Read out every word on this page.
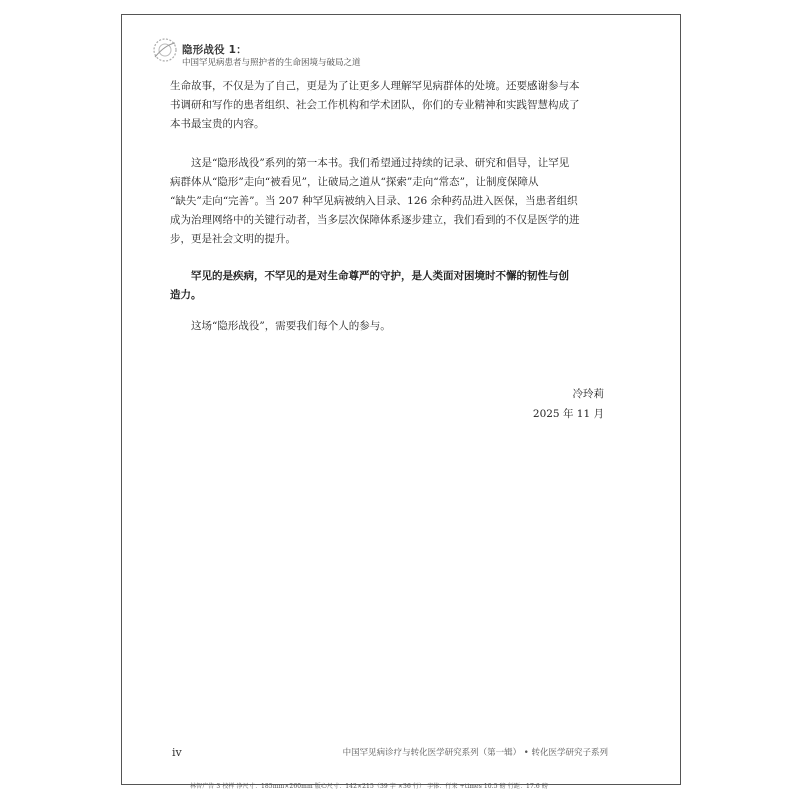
隐形战役 1：
中国罕见病患者与照护者的生命困境与破局之道
生命故事，不仅是为了自己，更是为了让更多人理解罕见病群体的处境。还要感谢参与本
书调研和写作的患者组织、社会工作机构和学术团队，你们的专业精神和实践智慧构成了
本书最宝贵的内容。
这是“隐形战役”系列的第一本书。我们希望通过持续的记录、研究和倡导，让罕见
病群体从“隐形”走向“被看见”，让破局之道从“探索”走向“常态”，让制度保障从
“缺失”走向“完善”。当 207 种罕见病被纳入目录、126 余种药品进入医保，当患者组织
成为治理网络中的关键行动者，当多层次保障体系逐步建立，我们看到的不仅是医学的进
步，更是社会文明的提升。
罕见的是疾病，不罕见的是对生命尊严的守护，是人类面对困境时不懈的韧性与创
造力。
这场“隐形战役”，需要我们每个人的参与。
冷玲莉
2025 年 11 月
iv	中国罕见病诊疗与转化医学研究系列（第一辑） • 转化医学研究子系列
林智广告 3 校样 净尺寸：185mm×260mm 版心尺寸：142×215（39 字 ×36 行） 字体：行宋 +times 10.5 磅 行距：17.6 磅
